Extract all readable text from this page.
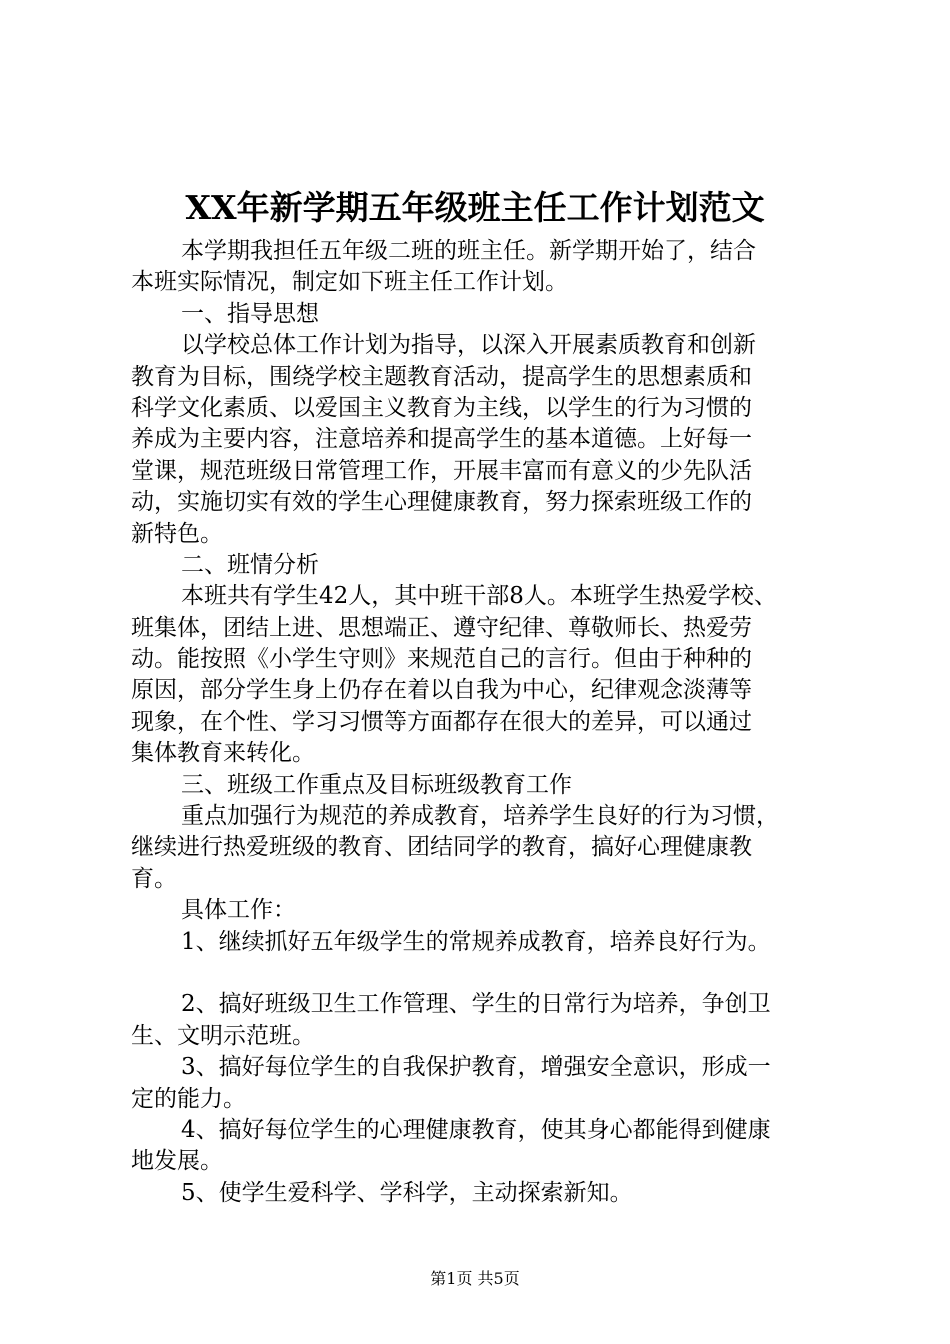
XX年新学期五年级班主任工作计划范文
本学期我担任五年级二班的班主任。新学期开始了，结合
本班实际情况，制定如下班主任工作计划。
一、指导思想
以学校总体工作计划为指导，以深入开展素质教育和创新
教育为目标，围绕学校主题教育活动，提高学生的思想素质和
科学文化素质、以爱国主义教育为主线，以学生的行为习惯的
养成为主要内容，注意培养和提高学生的基本道德。上好每一
堂课，规范班级日常管理工作，开展丰富而有意义的少先队活
动，实施切实有效的学生心理健康教育，努力探索班级工作的
新特色。
二、班情分析
本班共有学生42人，其中班干部8人。本班学生热爱学校、
班集体，团结上进、思想端正、遵守纪律、尊敬师长、热爱劳
动。能按照《小学生守则》来规范自己的言行。但由于种种的
原因，部分学生身上仍存在着以自我为中心，纪律观念淡薄等
现象，在个性、学习习惯等方面都存在很大的差异，可以通过
集体教育来转化。
三、班级工作重点及目标班级教育工作
重点加强行为规范的养成教育，培养学生良好的行为习惯，
继续进行热爱班级的教育、团结同学的教育，搞好心理健康教
育。
具体工作：
1、继续抓好五年级学生的常规养成教育，培养良好行为。
2、搞好班级卫生工作管理、学生的日常行为培养，争创卫
生、文明示范班。
3、搞好每位学生的自我保护教育，增强安全意识，形成一
定的能力。
4、搞好每位学生的心理健康教育，使其身心都能得到健康
地发展。
5、使学生爱科学、学科学，主动探索新知。
第1页 共5页
